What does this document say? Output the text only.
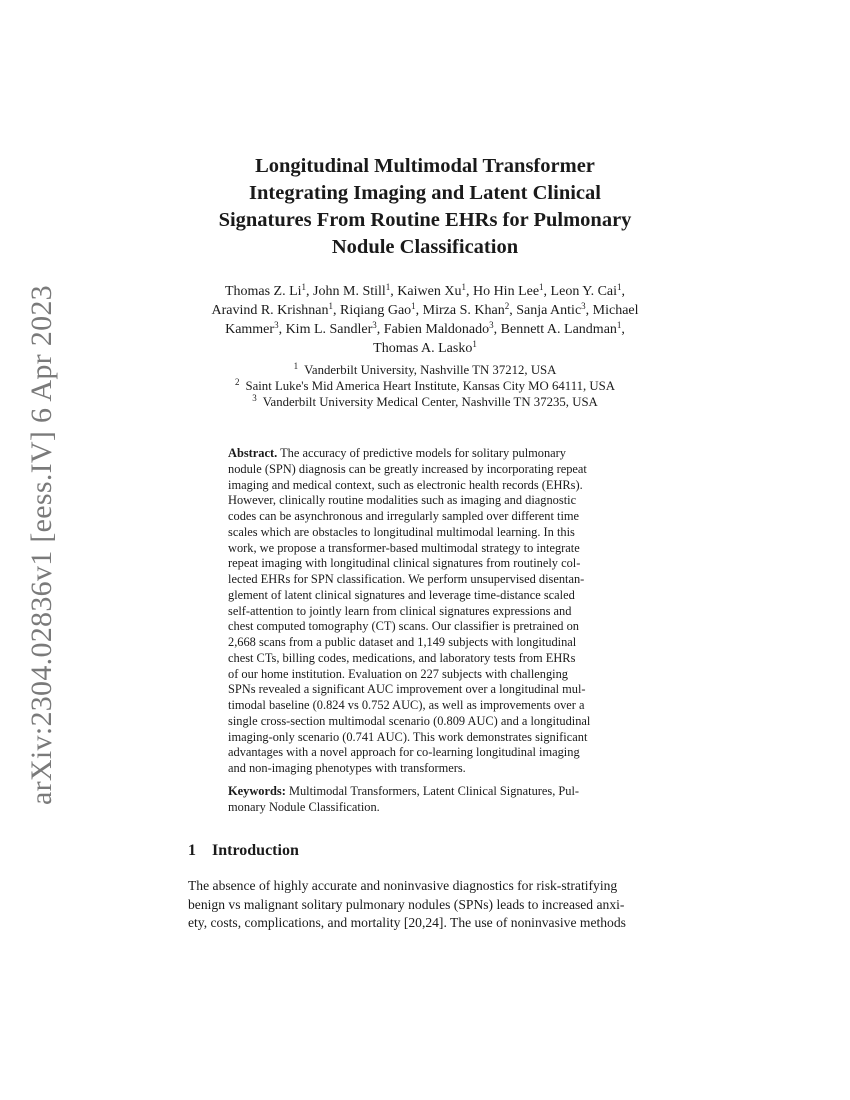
arXiv:2304.02836v1 [eess.IV] 6 Apr 2023
Longitudinal Multimodal Transformer
Integrating Imaging and Latent Clinical
Signatures From Routine EHRs for Pulmonary
Nodule Classification
Thomas Z. Li$^1$, John M. Still$^1$, Kaiwen Xu$^1$, Ho Hin Lee$^1$, Leon Y. Cai$^1$,
Aravind R. Krishnan$^1$, Riqiang Gao$^1$, Mirza S. Khan$^2$, Sanja Antic$^3$, Michael
Kammer$^3$, Kim L. Sandler$^3$, Fabien Maldonado$^3$, Bennett A. Landman$^1$,
Thomas A. Lasko$^1$
$^1$ Vanderbilt University, Nashville TN 37212, USA
$^2$ Saint Luke's Mid America Heart Institute, Kansas City MO 64111, USA
$^3$ Vanderbilt University Medical Center, Nashville TN 37235, USA
Abstract. The accuracy of predictive models for solitary pulmonary
nodule (SPN) diagnosis can be greatly increased by incorporating repeat
imaging and medical context, such as electronic health records (EHRs).
However, clinically routine modalities such as imaging and diagnostic
codes can be asynchronous and irregularly sampled over different time
scales which are obstacles to longitudinal multimodal learning. In this
work, we propose a transformer-based multimodal strategy to integrate
repeat imaging with longitudinal clinical signatures from routinely col-
lected EHRs for SPN classification. We perform unsupervised disentan-
glement of latent clinical signatures and leverage time-distance scaled
self-attention to jointly learn from clinical signatures expressions and
chest computed tomography (CT) scans. Our classifier is pretrained on
2,668 scans from a public dataset and 1,149 subjects with longitudinal
chest CTs, billing codes, medications, and laboratory tests from EHRs
of our home institution. Evaluation on 227 subjects with challenging
SPNs revealed a significant AUC improvement over a longitudinal mul-
timodal baseline (0.824 vs 0.752 AUC), as well as improvements over a
single cross-section multimodal scenario (0.809 AUC) and a longitudinal
imaging-only scenario (0.741 AUC). This work demonstrates significant
advantages with a novel approach for co-learning longitudinal imaging
and non-imaging phenotypes with transformers.
Keywords: Multimodal Transformers, Latent Clinical Signatures, Pul-
monary Nodule Classification.
1 Introduction
The absence of highly accurate and noninvasive diagnostics for risk-stratifying
benign vs malignant solitary pulmonary nodules (SPNs) leads to increased anxi-
ety, costs, complications, and mortality [20,24]. The use of noninvasive methods
